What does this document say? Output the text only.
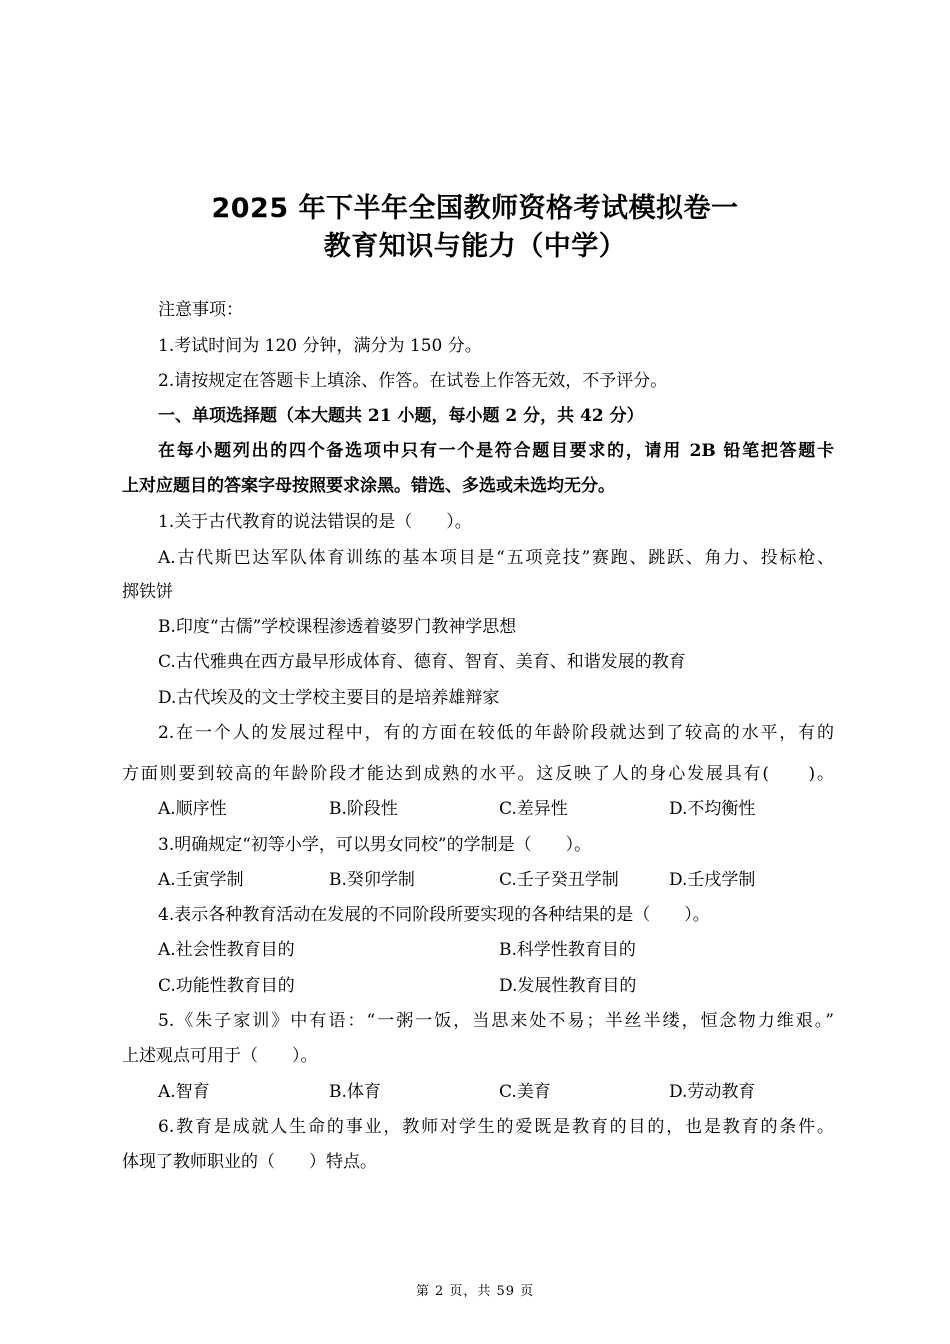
2025 年下半年全国教师资格考试模拟卷一
教育知识与能力（中学）
注意事项：
1.考试时间为 120 分钟，满分为 150 分。
2.请按规定在答题卡上填涂、作答。在试卷上作答无效，不予评分。
一、单项选择题（本大题共 21 小题，每小题 2 分，共 42 分）
在每小题列出的四个备选项中只有一个是符合题目要求的，请用 2B 铅笔把答题卡
上对应题目的答案字母按照要求涂黑。错选、多选或未选均无分。
1.关于古代教育的说法错误的是（　　）。
A.古代斯巴达军队体育训练的基本项目是“五项竞技”赛跑、跳跃、角力、投标枪、
掷铁饼
B.印度“古儒”学校课程渗透着婆罗门教神学思想
C.古代雅典在西方最早形成体育、德育、智育、美育、和谐发展的教育
D.古代埃及的文士学校主要目的是培养雄辩家
2.在一个人的发展过程中，有的方面在较低的年龄阶段就达到了较高的水平，有的
方面则要到较高的年龄阶段才能达到成熟的水平。这反映了人的身心发展具有(　　)。
A.顺序性	B.阶段性	C.差异性	D.不均衡性
3.明确规定“初等小学，可以男女同校”的学制是（　　）。
A.壬寅学制	B.癸卯学制	C.壬子癸丑学制	D.壬戌学制
4.表示各种教育活动在发展的不同阶段所要实现的各种结果的是（　　）。
A.社会性教育目的	B.科学性教育目的
C.功能性教育目的	D.发展性教育目的
5.《朱子家训》中有语：“一粥一饭，当思来处不易；半丝半缕，恒念物力维艰。”
上述观点可用于（　　）。
A.智育	B.体育	C.美育	D.劳动教育
6.教育是成就人生命的事业，教师对学生的爱既是教育的目的，也是教育的条件。
体现了教师职业的（　　）特点。
第 2 页，共 59 页
